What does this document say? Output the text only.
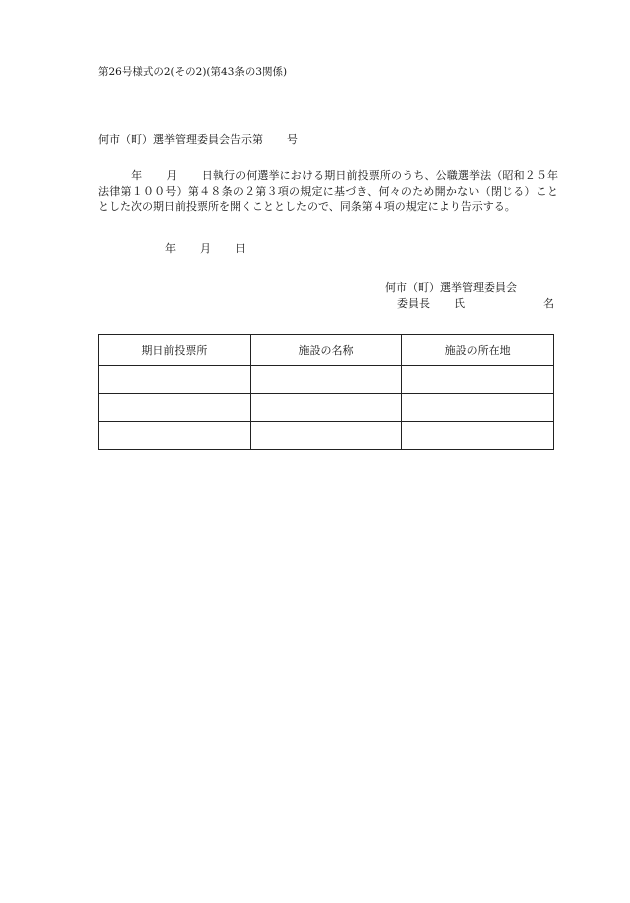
第26号様式の2(その2)(第43条の3関係)
何市（町）選挙管理委員会告示第 号
年 月 日執行の何選挙における期日前投票所のうち、公職選挙法（昭和２５年法律第１００号）第４８条の２第３項の規定に基づき、何々のため開かない（閉じる）こととした次の期日前投票所を開くこととしたので、同条第４項の規定により告示する。
年 月 日
何市（町）選挙管理委員会
委員長 氏	名
期日前投票所	施設の名称	施設の所在地
